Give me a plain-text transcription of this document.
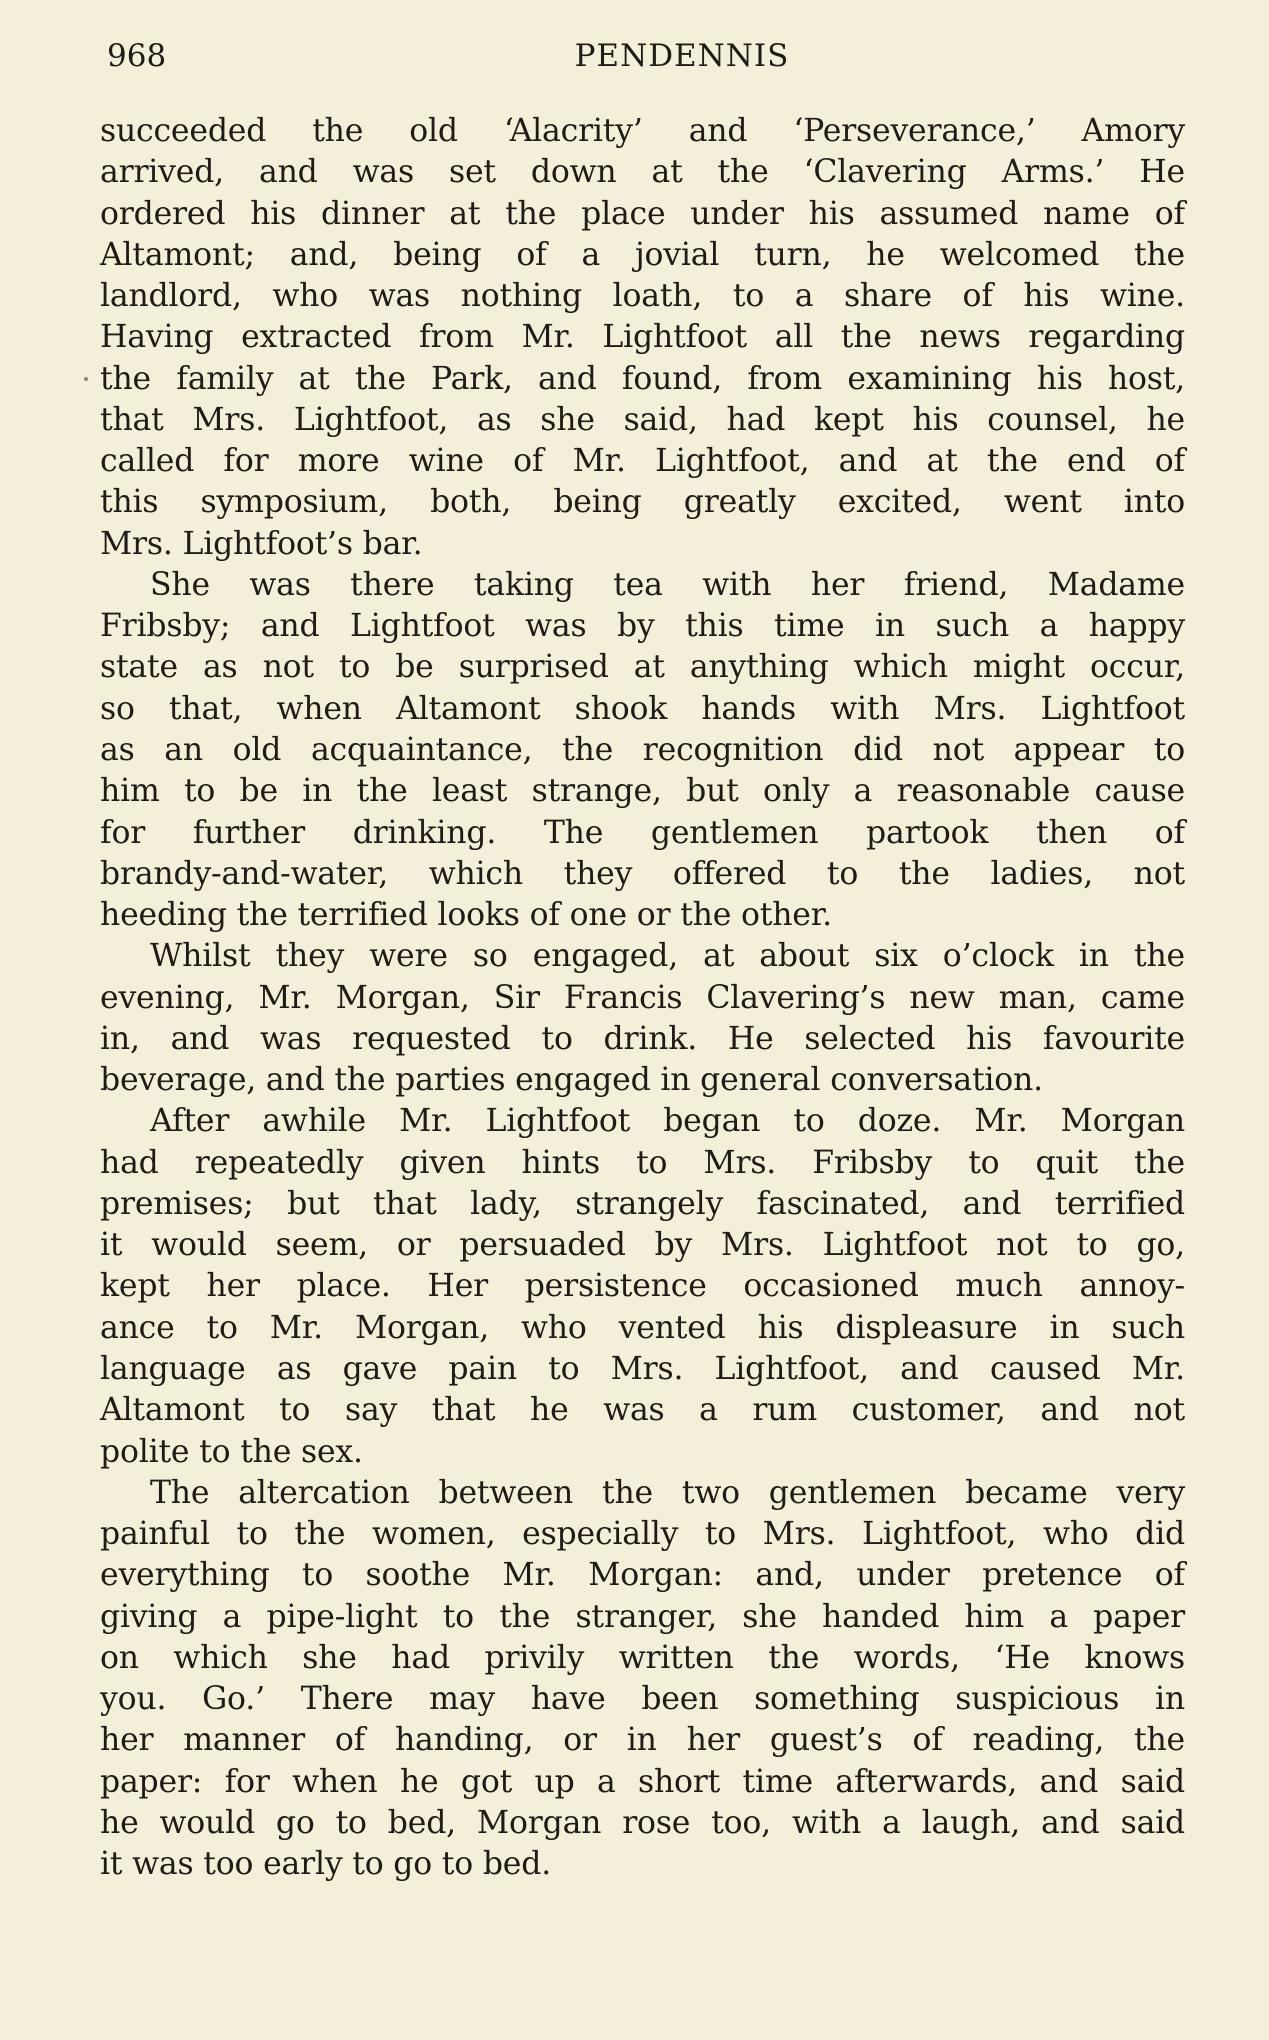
968	PENDENNIS
succeeded the old ‘Alacrity’ and ‘Perseverance,’ Amory
arrived, and was set down at the ‘Clavering Arms.’ He
ordered his dinner at the place under his assumed name of
Altamont; and, being of a jovial turn, he welcomed the
landlord, who was nothing loath, to a share of his wine.
Having extracted from Mr. Lightfoot all the news regarding
the family at the Park, and found, from examining his host,
that Mrs. Lightfoot, as she said, had kept his counsel, he
called for more wine of Mr. Lightfoot, and at the end of
this symposium, both, being greatly excited, went into
Mrs. Lightfoot’s bar.
She was there taking tea with her friend, Madame
Fribsby; and Lightfoot was by this time in such a happy
state as not to be surprised at anything which might occur,
so that, when Altamont shook hands with Mrs. Lightfoot
as an old acquaintance, the recognition did not appear to
him to be in the least strange, but only a reasonable cause
for further drinking. The gentlemen partook then of
brandy-and-water, which they offered to the ladies, not
heeding the terrified looks of one or the other.
Whilst they were so engaged, at about six o’clock in the
evening, Mr. Morgan, Sir Francis Clavering’s new man, came
in, and was requested to drink. He selected his favourite
beverage, and the parties engaged in general conversation.
After awhile Mr. Lightfoot began to doze. Mr. Morgan
had repeatedly given hints to Mrs. Fribsby to quit the
premises; but that lady, strangely fascinated, and terrified
it would seem, or persuaded by Mrs. Lightfoot not to go,
kept her place. Her persistence occasioned much annoy-
ance to Mr. Morgan, who vented his displeasure in such
language as gave pain to Mrs. Lightfoot, and caused Mr.
Altamont to say that he was a rum customer, and not
polite to the sex.
The altercation between the two gentlemen became very
painful to the women, especially to Mrs. Lightfoot, who did
everything to soothe Mr. Morgan: and, under pretence of
giving a pipe-light to the stranger, she handed him a paper
on which she had privily written the words, ‘He knows
you. Go.’ There may have been something suspicious in
her manner of handing, or in her guest’s of reading, the
paper: for when he got up a short time afterwards, and said
he would go to bed, Morgan rose too, with a laugh, and said
it was too early to go to bed.
